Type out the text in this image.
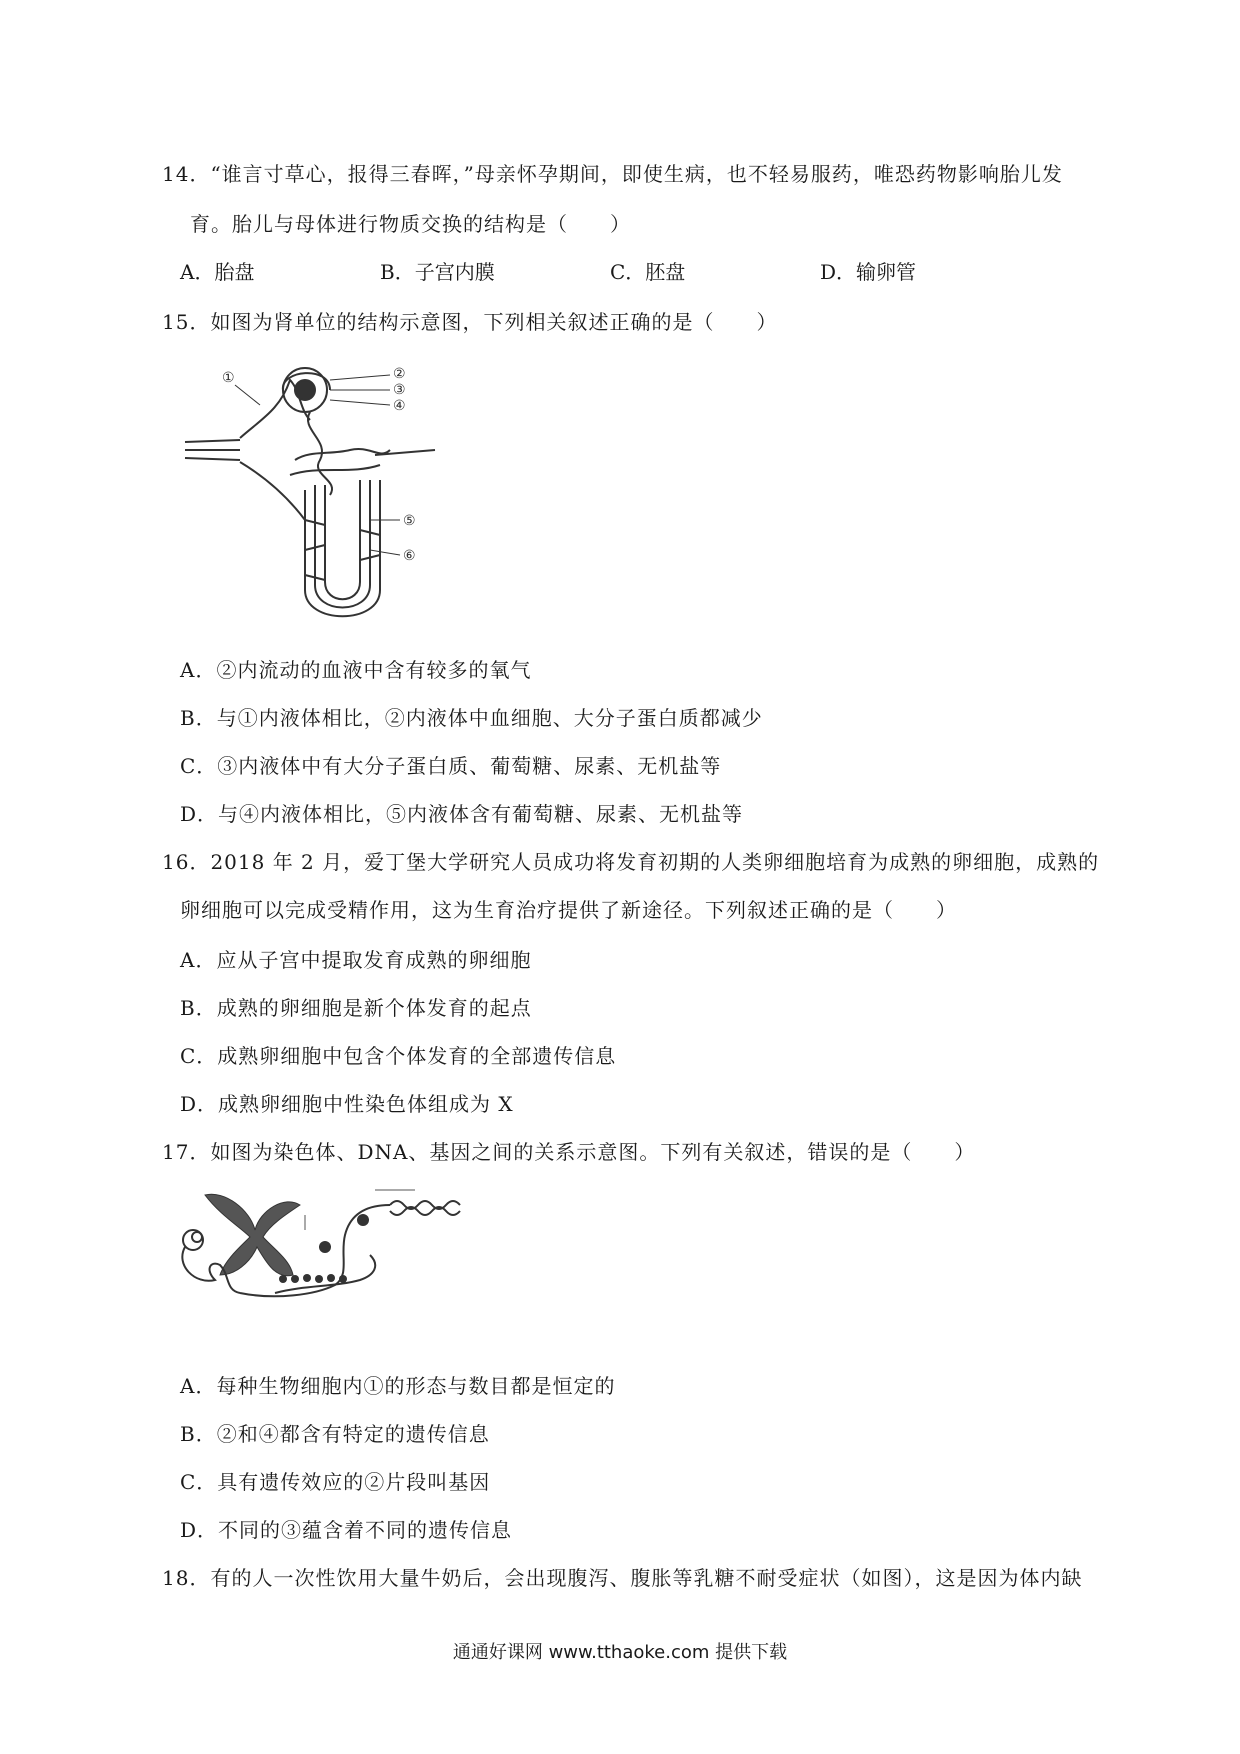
14．“谁言寸草心，报得三春晖，”母亲怀孕期间，即使生病，也不轻易服药，唯恐药物影响胎儿发
育。胎儿与母体进行物质交换的结构是（　　）
A．胎盘	B．子宫内膜	C．胚盘	D．输卵管
15．如图为肾单位的结构示意图，下列相关叙述正确的是（　　）
①	②
③
④
⑤
⑥
A．②内流动的血液中含有较多的氧气
B．与①内液体相比，②内液体中血细胞、大分子蛋白质都减少
C．③内液体中有大分子蛋白质、葡萄糖、尿素、无机盐等
D．与④内液体相比，⑤内液体含有葡萄糖、尿素、无机盐等
16．2018 年 2 月，爱丁堡大学研究人员成功将发育初期的人类卵细胞培育为成熟的卵细胞，成熟的
卵细胞可以完成受精作用，这为生育治疗提供了新途径。下列叙述正确的是（　　）
A．应从子宫中提取发育成熟的卵细胞
B．成熟的卵细胞是新个体发育的起点
C．成熟卵细胞中包含个体发育的全部遗传信息
D．成熟卵细胞中性染色体组成为 X
17．如图为染色体、DNA、基因之间的关系示意图。下列有关叙述，错误的是（　　）
A．每种生物细胞内①的形态与数目都是恒定的
B．②和④都含有特定的遗传信息
C．具有遗传效应的②片段叫基因
D．不同的③蕴含着不同的遗传信息
18．有的人一次性饮用大量牛奶后，会出现腹泻、腹胀等乳糖不耐受症状（如图），这是因为体内缺
通通好课网 www.tthaoke.com 提供下载
